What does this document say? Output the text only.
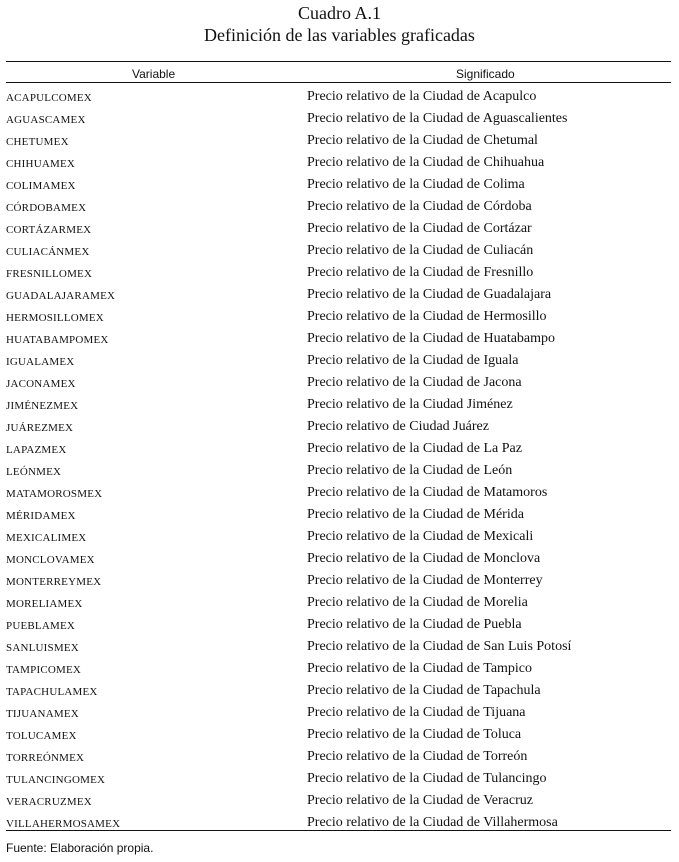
Cuadro A.1
Definición de las variables graficadas
Variable	Significado
ACAPULCOMEX	Precio relativo de la Ciudad de Acapulco
AGUASCAMEX	Precio relativo de la Ciudad de Aguascalientes
CHETUMEX	Precio relativo de la Ciudad de Chetumal
CHIHUAMEX	Precio relativo de la Ciudad de Chihuahua
COLIMAMEX	Precio relativo de la Ciudad de Colima
CÓRDOBAMEX	Precio relativo de la Ciudad de Córdoba
CORTÁZARMEX	Precio relativo de la Ciudad de Cortázar
CULIACÁNMEX	Precio relativo de la Ciudad de Culiacán
FRESNILLOMEX	Precio relativo de la Ciudad de Fresnillo
GUADALAJARAMEX	Precio relativo de la Ciudad de Guadalajara
HERMOSILLOMEX	Precio relativo de la Ciudad de Hermosillo
HUATABAMPOMEX	Precio relativo de la Ciudad de Huatabampo
IGUALAMEX	Precio relativo de la Ciudad de Iguala
JACONAMEX	Precio relativo de la Ciudad de Jacona
JIMÉNEZMEX	Precio relativo de la Ciudad Jiménez
JUÁREZMEX	Precio relativo de Ciudad Juárez
LAPAZMEX	Precio relativo de la Ciudad de La Paz
LEÓNMEX	Precio relativo de la Ciudad de León
MATAMOROSMEX	Precio relativo de la Ciudad de Matamoros
MÉRIDAMEX	Precio relativo de la Ciudad de Mérida
MEXICALIMEX	Precio relativo de la Ciudad de Mexicali
MONCLOVAMEX	Precio relativo de la Ciudad de Monclova
MONTERREYMEX	Precio relativo de la Ciudad de Monterrey
MORELIAMEX	Precio relativo de la Ciudad de Morelia
PUEBLAMEX	Precio relativo de la Ciudad de Puebla
SANLUISMEX	Precio relativo de la Ciudad de San Luis Potosí
TAMPICOMEX	Precio relativo de la Ciudad de Tampico
TAPACHULAMEX	Precio relativo de la Ciudad de Tapachula
TIJUANAMEX	Precio relativo de la Ciudad de Tijuana
TOLUCAMEX	Precio relativo de la Ciudad de Toluca
TORREÓNMEX	Precio relativo de la Ciudad de Torreón
TULANCINGOMEX	Precio relativo de la Ciudad de Tulancingo
VERACRUZMEX	Precio relativo de la Ciudad de Veracruz
VILLAHERMOSAMEX	Precio relativo de la Ciudad de Villahermosa
Fuente: Elaboración propia.
